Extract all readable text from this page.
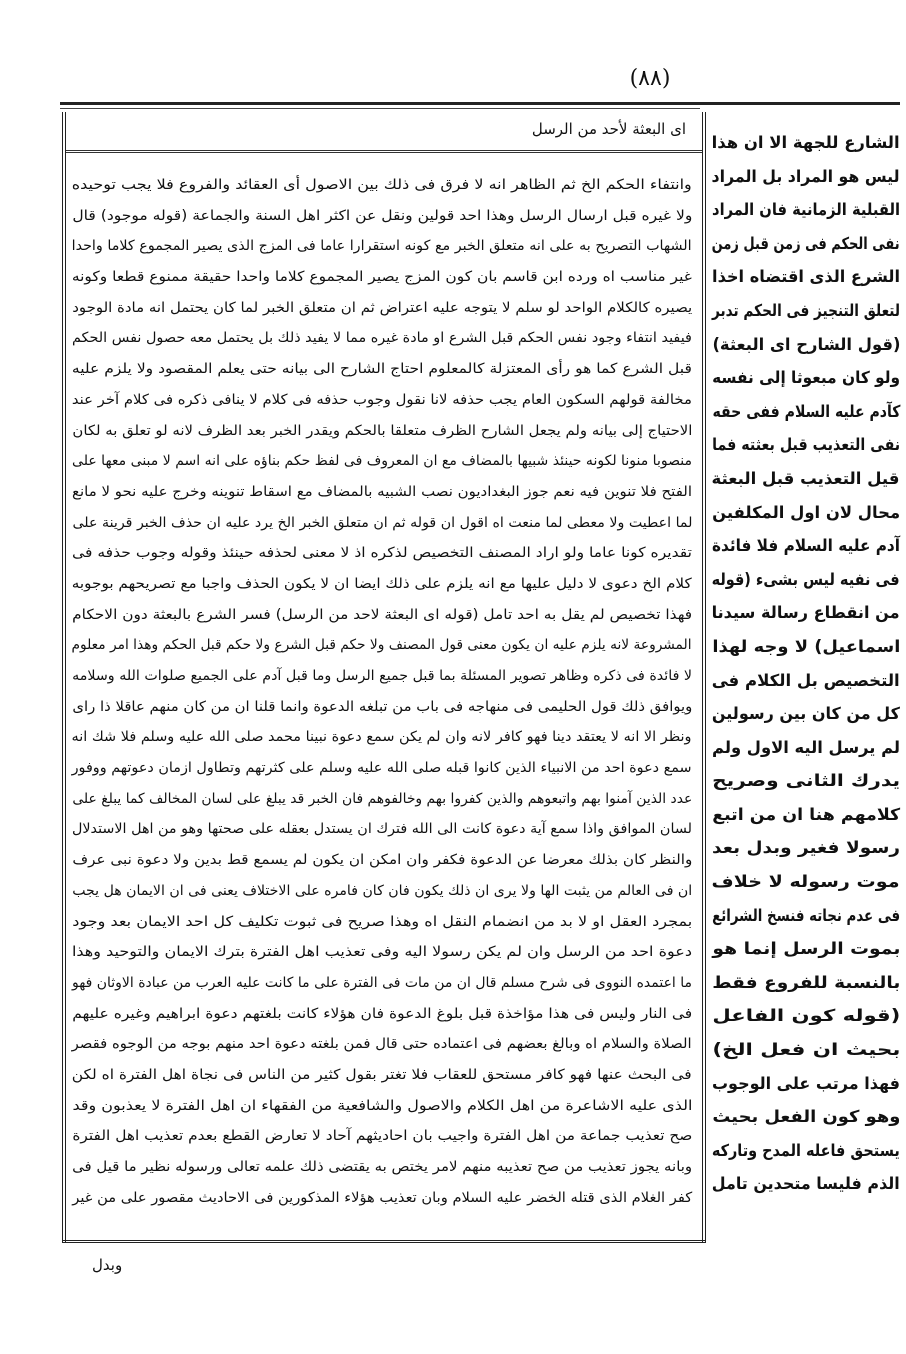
(٨٨)
اى البعثة لأحد من الرسل
وانتفاء الحكم الخ ثم الظاهر انه لا فرق فى ذلك بين الاصول أى العقائد والفروع فلا يجب توحيده
ولا غيره قبل ارسال الرسل وهذا احد قولين ونقل عن اكثر اهل السنة والجماعة (قوله موجود) قال
الشهاب التصريح به على انه متعلق الخبر مع كونه استقرارا عاما فى المزج الذى يصير المجموع كلاما واحدا
غير مناسب اه ورده ابن قاسم بان كون المزج يصير المجموع كلاما واحدا حقيقة ممنوع قطعا وكونه
يصيره كالكلام الواحد لو سلم لا يتوجه عليه اعتراض ثم ان متعلق الخبر لما كان يحتمل انه مادة الوجود
فيفيد انتفاء وجود نفس الحكم قبل الشرع او مادة غيره مما لا يفيد ذلك بل يحتمل معه حصول نفس الحكم
قبل الشرع كما هو رأى المعتزلة كالمعلوم احتاج الشارح الى بيانه حتى يعلم المقصود ولا يلزم عليه
مخالفة قولهم السكون العام يجب حذفه لانا نقول وجوب حذفه فى كلام لا ينافى ذكره فى كلام آخر عند
الاحتياج إلى بيانه ولم يجعل الشارح الظرف متعلقا بالحكم ويقدر الخبر بعد الظرف لانه لو تعلق به لكان
منصوبا منونا لكونه حينئذ شبيها بالمضاف مع ان المعروف فى لفظ حكم بناؤه على انه اسم لا مبنى معها على
الفتح فلا تنوين فيه نعم جوز البغداديون نصب الشبيه بالمضاف مع اسقاط تنوينه وخرج عليه نحو لا مانع
لما اعطيت ولا معطى لما منعت اه اقول ان قوله ثم ان متعلق الخبر الخ يرد عليه ان حذف الخبر قرينة على
تقديره كونا عاما ولو اراد المصنف التخصيص لذكره اذ لا معنى لحذفه حينئذ وقوله وجوب حذفه فى
كلام الخ دعوى لا دليل عليها مع انه يلزم على ذلك ايضا ان لا يكون الحذف واجبا مع تصريحهم بوجوبه
فهذا تخصيص لم يقل به احد تامل (قوله اى البعثة لاحد من الرسل) فسر الشرع بالبعثة دون الاحكام
المشروعة لانه يلزم عليه ان يكون معنى قول المصنف ولا حكم قبل الشرع ولا حكم قبل الحكم وهذا امر معلوم
لا فائدة فى ذكره وظاهر تصوير المسئلة بما قبل جميع الرسل وما قبل آدم على الجميع صلوات الله وسلامه
ويوافق ذلك قول الحليمى فى منهاجه فى باب من تبلغه الدعوة وانما قلنا ان من كان منهم عاقلا ذا راى
ونظر الا انه لا يعتقد دينا فهو كافر لانه وان لم يكن سمع دعوة نبينا محمد صلى الله عليه وسلم فلا شك انه
سمع دعوة احد من الانبياء الذين كانوا قبله صلى الله عليه وسلم على كثرتهم وتطاول ازمان دعوتهم ووفور
عدد الذين آمنوا بهم واتبعوهم والذين كفروا بهم وخالفوهم فان الخبر قد يبلغ على لسان المخالف كما يبلغ على
لسان الموافق واذا سمع آية دعوة كانت الى الله فترك ان يستدل بعقله على صحتها وهو من اهل الاستدلال
والنظر كان بذلك معرضا عن الدعوة فكفر وان امكن ان يكون لم يسمع قط بدين ولا دعوة نبى عرف
ان فى العالم من يثبت الها ولا يرى ان ذلك يكون فان كان فامره على الاختلاف يعنى فى ان الايمان هل يجب
بمجرد العقل او لا بد من انضمام النقل اه وهذا صريح فى ثبوت تكليف كل احد الايمان بعد وجود
دعوة احد من الرسل وان لم يكن رسولا اليه وفى تعذيب اهل الفترة بترك الايمان والتوحيد وهذا
ما اعتمده النووى فى شرح مسلم قال ان من مات فى الفترة على ما كانت عليه العرب من عبادة الاوثان فهو
فى النار وليس فى هذا مؤاخذة قبل بلوغ الدعوة فان هؤلاء كانت بلغتهم دعوة ابراهيم وغيره عليهم
الصلاة والسلام اه وبالغ بعضهم فى اعتماده حتى قال فمن بلغته دعوة احد منهم بوجه من الوجوه فقصر
فى البحث عنها فهو كافر مستحق للعقاب فلا تغتر بقول كثير من الناس فى نجاة اهل الفترة اه لكن
الذى عليه الاشاعرة من اهل الكلام والاصول والشافعية من الفقهاء ان اهل الفترة لا يعذبون وقد
صح تعذيب جماعة من اهل الفترة واجيب بان احاديثهم آحاد لا تعارض القطع بعدم تعذيب اهل الفترة
وبانه يجوز تعذيب من صح تعذيبه منهم لامر يختص به يقتضى ذلك علمه تعالى ورسوله نظير ما قيل فى
كفر الغلام الذى قتله الخضر عليه السلام وبان تعذيب هؤلاء المذكورين فى الاحاديث مقصور على من غير
الشارع للجهة الا ان هذا
ليس هو المراد بل المراد
القبلية الزمانية فان المراد
نفى الحكم فى زمن قبل زمن
الشرع الذى اقتضاه اخذا
لتعلق التنجيز فى الحكم تدبر
(قول الشارح اى البعثة)
ولو كان مبعوثا إلى نفسه
كآدم عليه السلام ففى حقه
نفى التعذيب قبل بعثته فما
قيل التعذيب قبل البعثة
محال لان اول المكلفين
آدم عليه السلام فلا فائدة
فى نفيه ليس بشىء (قوله
من انقطاع رسالة سيدنا
اسماعيل) لا وجه لهذا
التخصيص بل الكلام فى
كل من كان بين رسولين
لم يرسل اليه الاول ولم
يدرك الثانى وصريح
كلامهم هنا ان من اتبع
رسولا فغير وبدل بعد
موت رسوله لا خلاف
فى عدم نجاته فنسخ الشرائع
بموت الرسل إنما هو
بالنسبة للفروع فقط
(قوله كون الفاعل
بحيث ان فعل الخ)
فهذا مرتب على الوجوب
وهو كون الفعل بحيث
يستحق فاعله المدح وتاركه
الذم فليسا متحدين تامل
وبدل
